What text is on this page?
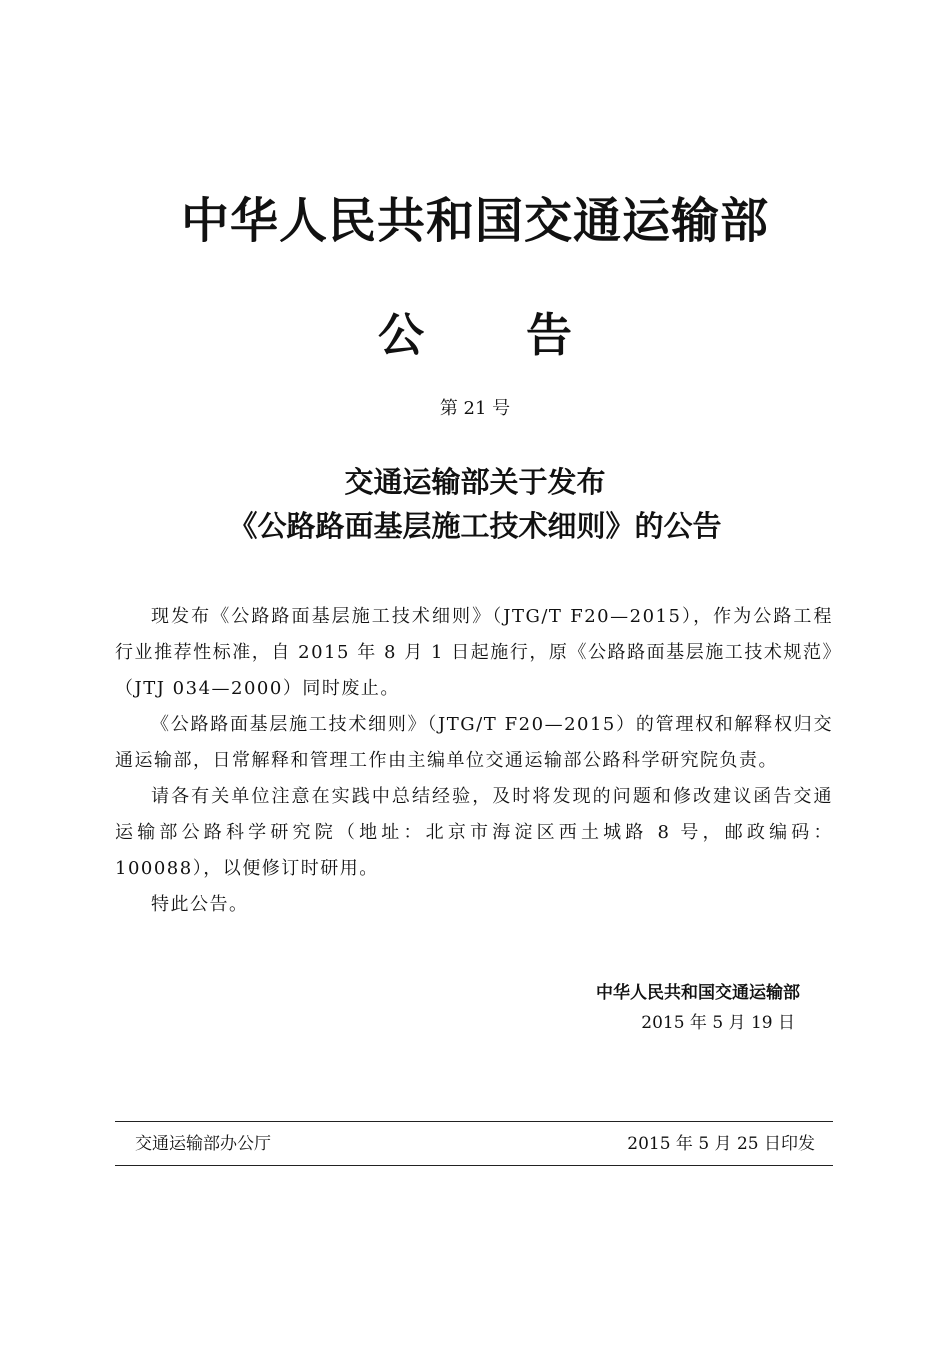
中华人民共和国交通运输部
公告
第 21 号
交通运输部关于发布
《公路路面基层施工技术细则》的公告

现发布《公路路面基层施工技术细则》（JTG/T F20—2015），作为公路工程行业推荐性标准，自 2015 年 8 月 1 日起施行，原《公路路面基层施工技术规范》（JTJ 034—2000）同时废止。

《公路路面基层施工技术细则》（JTG/T F20—2015）的管理权和解释权归交通运输部，日常解释和管理工作由主编单位交通运输部公路科学研究院负责。

请各有关单位注意在实践中总结经验，及时将发现的问题和修改建议函告交通运输部公路科学研究院（地址：北京市海淀区西土城路 8 号，邮政编码：100088），以便修订时研用。

特此公告。

中华人民共和国交通运输部
2015 年 5 月 19 日
交通运输部办公厅	2015 年 5 月 25 日印发
